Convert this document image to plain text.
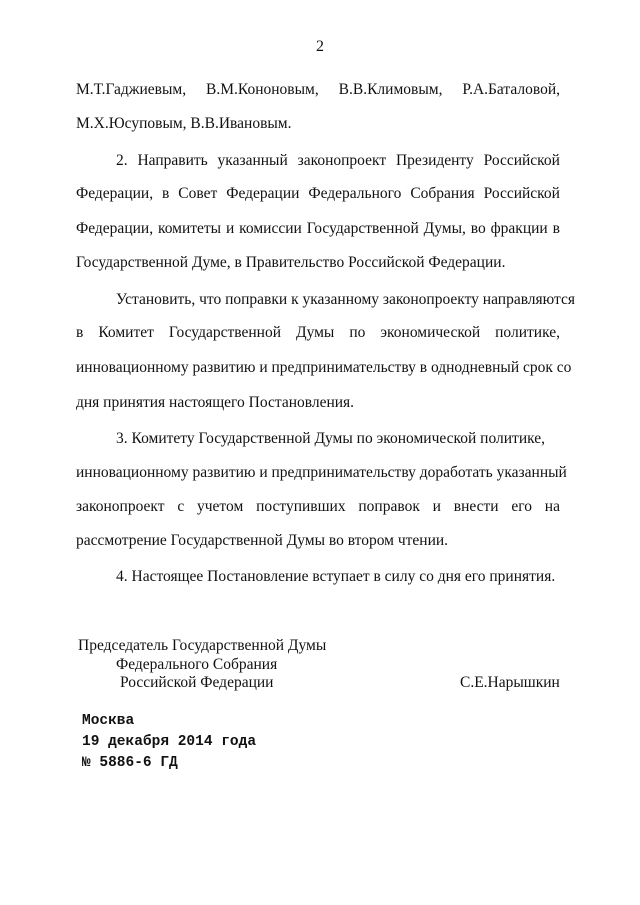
2
М.Т.Гаджиевым, В.М.Кононовым, В.В.Климовым, Р.А.Баталовой,
М.Х.Юсуповым, В.В.Ивановым.
2. Направить указанный законопроект Президенту Российской
Федерации, в Совет Федерации Федерального Собрания Российской
Федерации, комитеты и комиссии Государственной Думы, во фракции в
Государственной Думе, в Правительство Российской Федерации.
Установить, что поправки к указанному законопроекту направляются
в Комитет Государственной Думы по экономической политике,
инновационному развитию и предпринимательству в однодневный срок со
дня принятия настоящего Постановления.
3. Комитету Государственной Думы по экономической политике,
инновационному развитию и предпринимательству доработать указанный
законопроект с учетом поступивших поправок и внести его на
рассмотрение Государственной Думы во втором чтении.
4. Настоящее Постановление вступает в силу со дня его принятия.
Председатель Государственной Думы
Федерального Собрания
Российской Федерации	С.Е.Нарышкин
Москва
19 декабря 2014 года
№ 5886-6 ГД
